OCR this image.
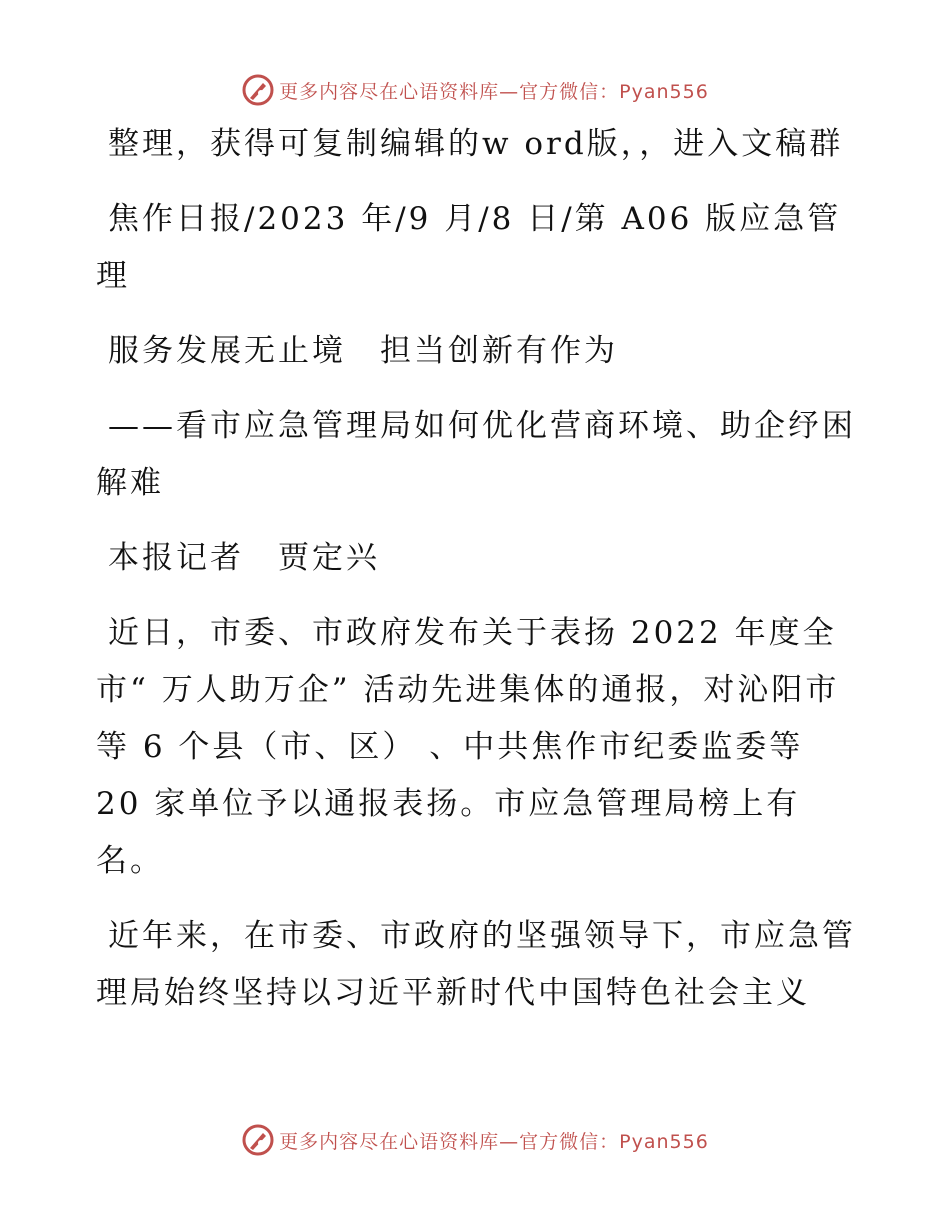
更多内容尽在心语资料库—官方微信：Pyan556

整理，获得可复制编辑的w ord版，，进入文稿群

焦作日报/2023 年/9 月/8 日/第 A06 版应急管理

服务发展无止境　担当创新有作为

——看市应急管理局如何优化营商环境、助企纾困解难

本报记者　贾定兴

近日，市委、市政府发布关于表扬 2022 年度全市“ 万人助万企” 活动先进集体的通报，对沁阳市等 6 个县（市、区） 、中共焦作市纪委监委等 20 家单位予以通报表扬。市应急管理局榜上有名。

近年来，在市委、市政府的坚强领导下，市应急管理局始终坚持以习近平新时代中国特色社会主义

更多内容尽在心语资料库—官方微信：Pyan556
